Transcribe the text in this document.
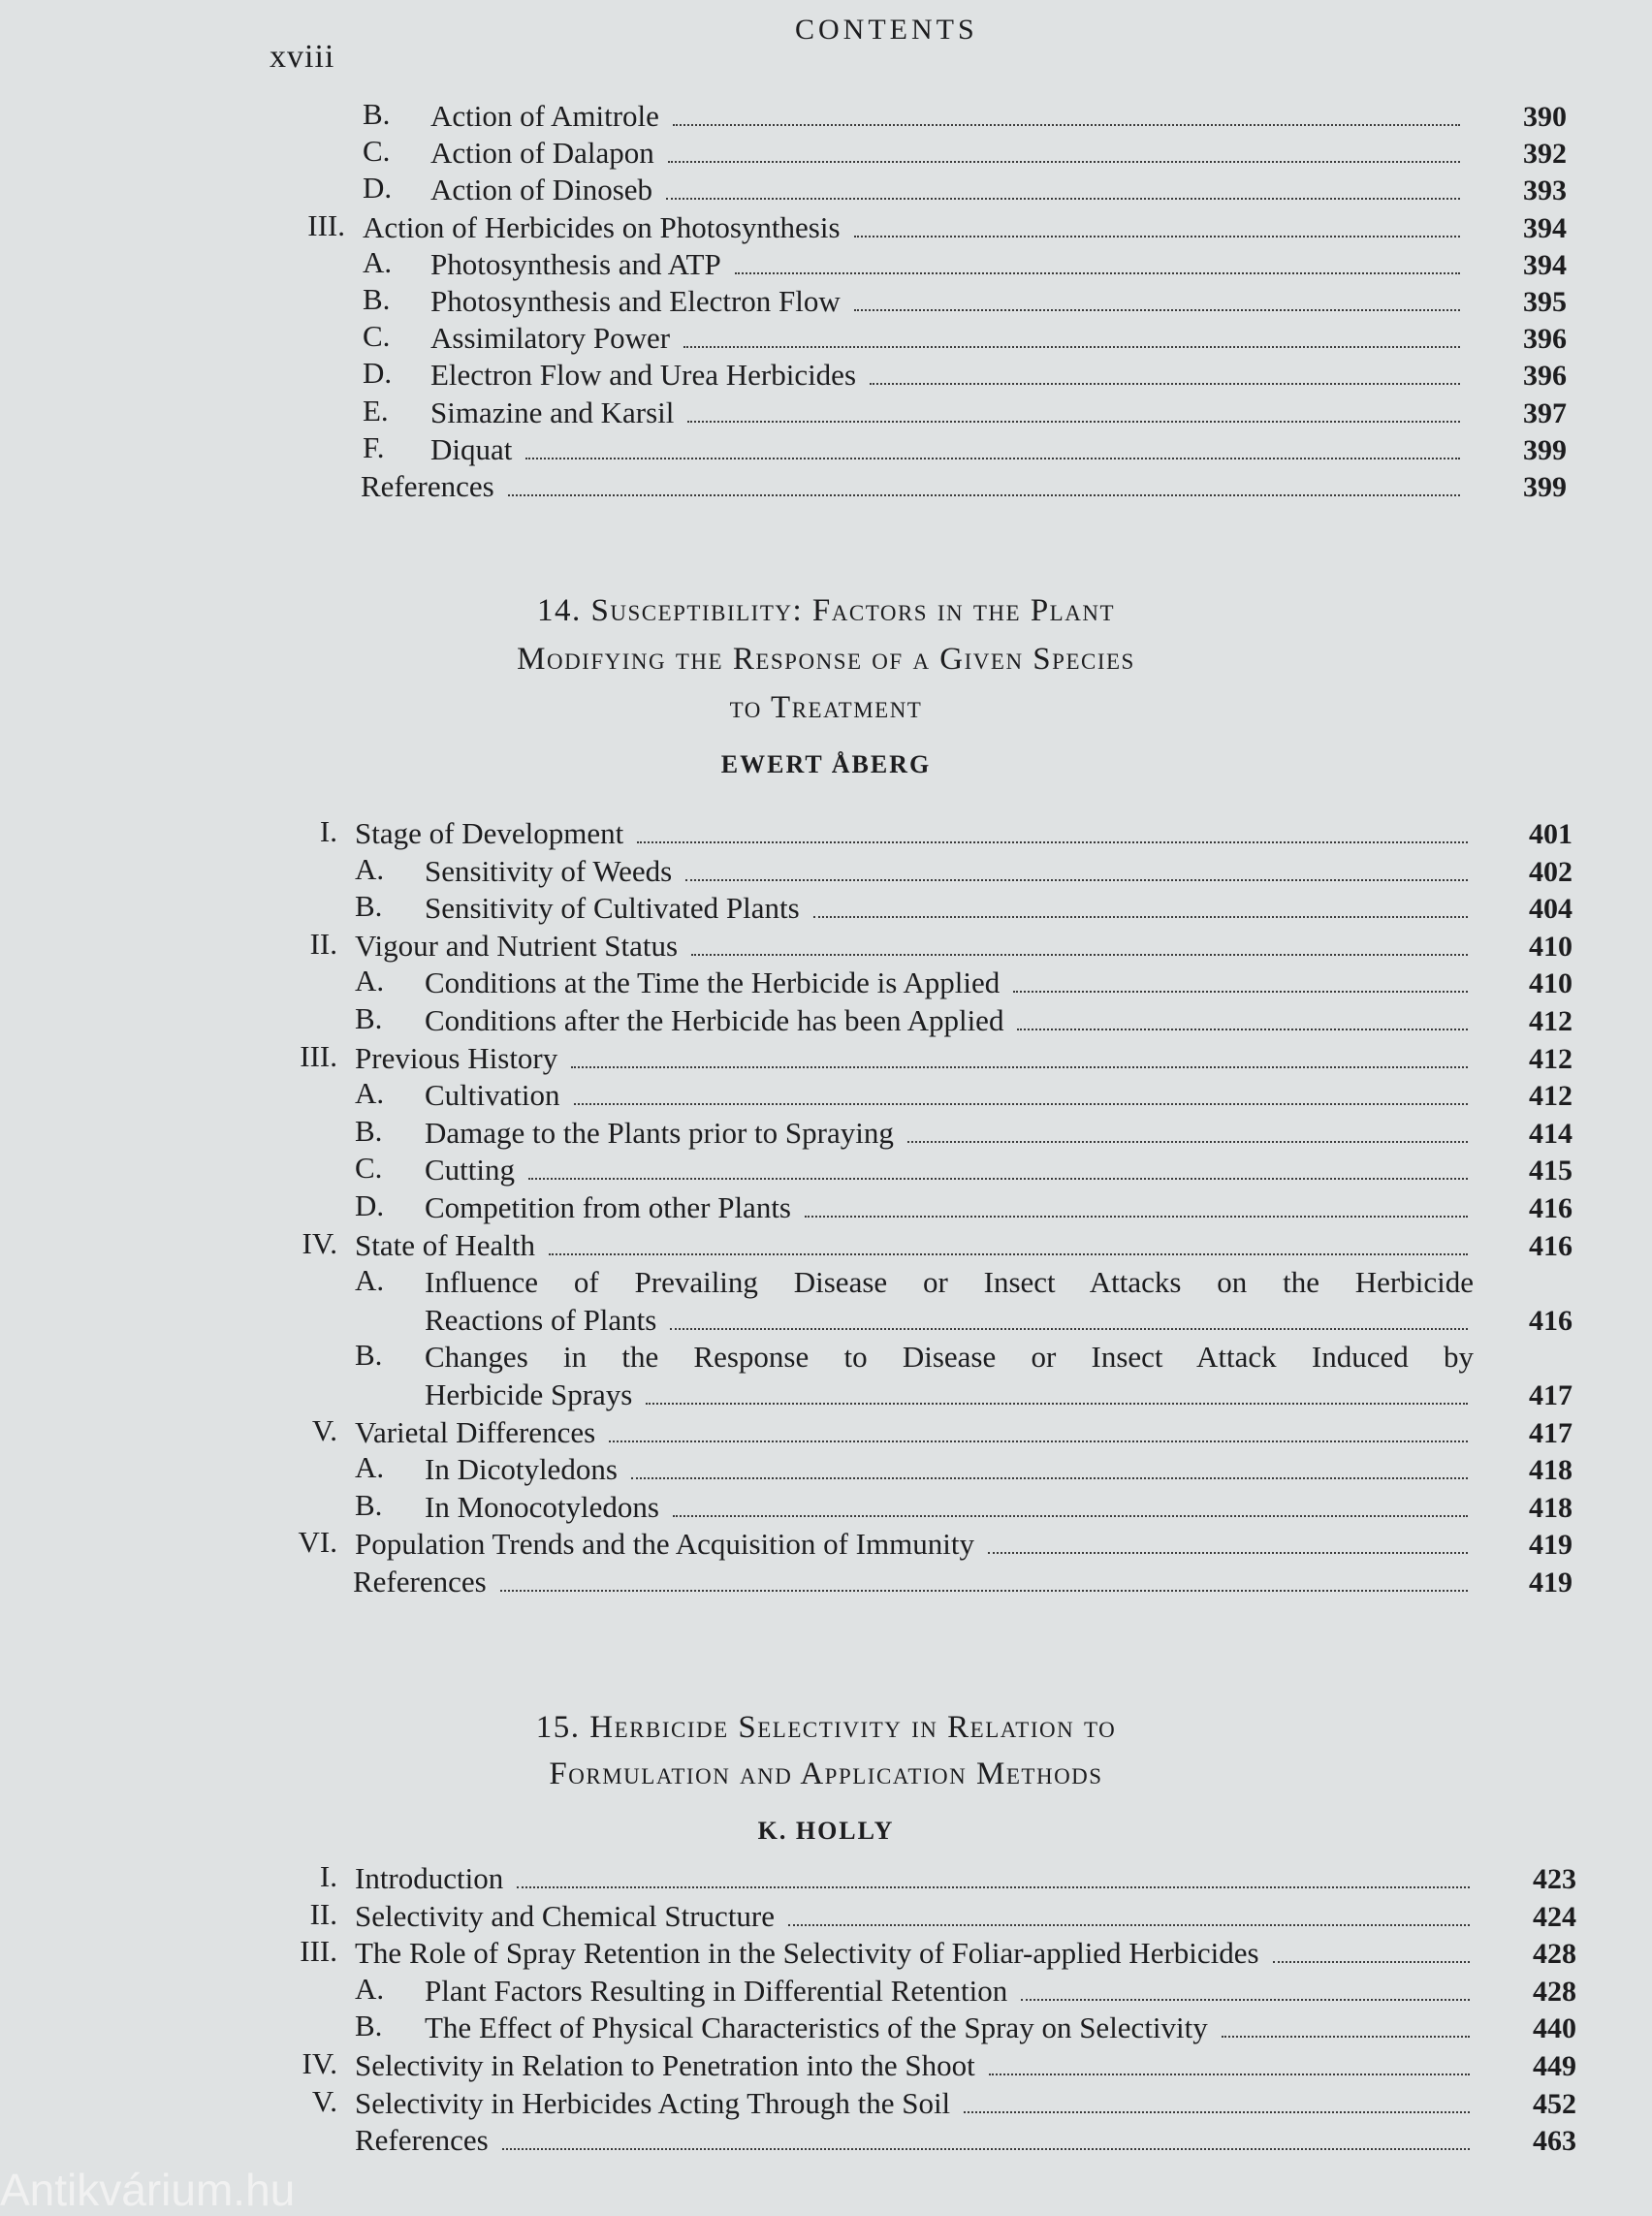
xviii
CONTENTS
B.	Action of Amitrole	390
C.	Action of Dalapon	392
D.	Action of Dinoseb	393
III. Action of Herbicides on Photosynthesis	394
A.	Photosynthesis and ATP	394
B.	Photosynthesis and Electron Flow	395
C.	Assimilatory Power	396
D.	Electron Flow and Urea Herbicides	396
E.	Simazine and Karsil	397
F.	Diquat	399
References	399
14. Susceptibility: Factors in the Plant
Modifying the Response of a Given Species
to Treatment
EWERT ÅBERG
I. Stage of Development	401
A.	Sensitivity of Weeds	402
B.	Sensitivity of Cultivated Plants	404
II. Vigour and Nutrient Status	410
A.	Conditions at the Time the Herbicide is Applied	410
B.	Conditions after the Herbicide has been Applied	412
III. Previous History	412
A.	Cultivation	412
B.	Damage to the Plants prior to Spraying	414
C.	Cutting	415
D.	Competition from other Plants	416
IV. State of Health	416
A.	Influence of Prevailing Disease or Insect Attacks on the Herbicide
Reactions of Plants	416
B.	Changes in the Response to Disease or Insect Attack Induced by
Herbicide Sprays	417
V. Varietal Differences	417
A.	In Dicotyledons	418
B.	In Monocotyledons	418
VI. Population Trends and the Acquisition of Immunity	419
References	419
15. Herbicide Selectivity in Relation to
Formulation and Application Methods
K. HOLLY
I. Introduction	423
II. Selectivity and Chemical Structure	424
III. The Role of Spray Retention in the Selectivity of Foliar-applied Herbicides	428
A.	Plant Factors Resulting in Differential Retention	428
B.	The Effect of Physical Characteristics of the Spray on Selectivity	440
IV. Selectivity in Relation to Penetration into the Shoot	449
V. Selectivity in Herbicides Acting Through the Soil	452
References	463
Antikvárium.hu
